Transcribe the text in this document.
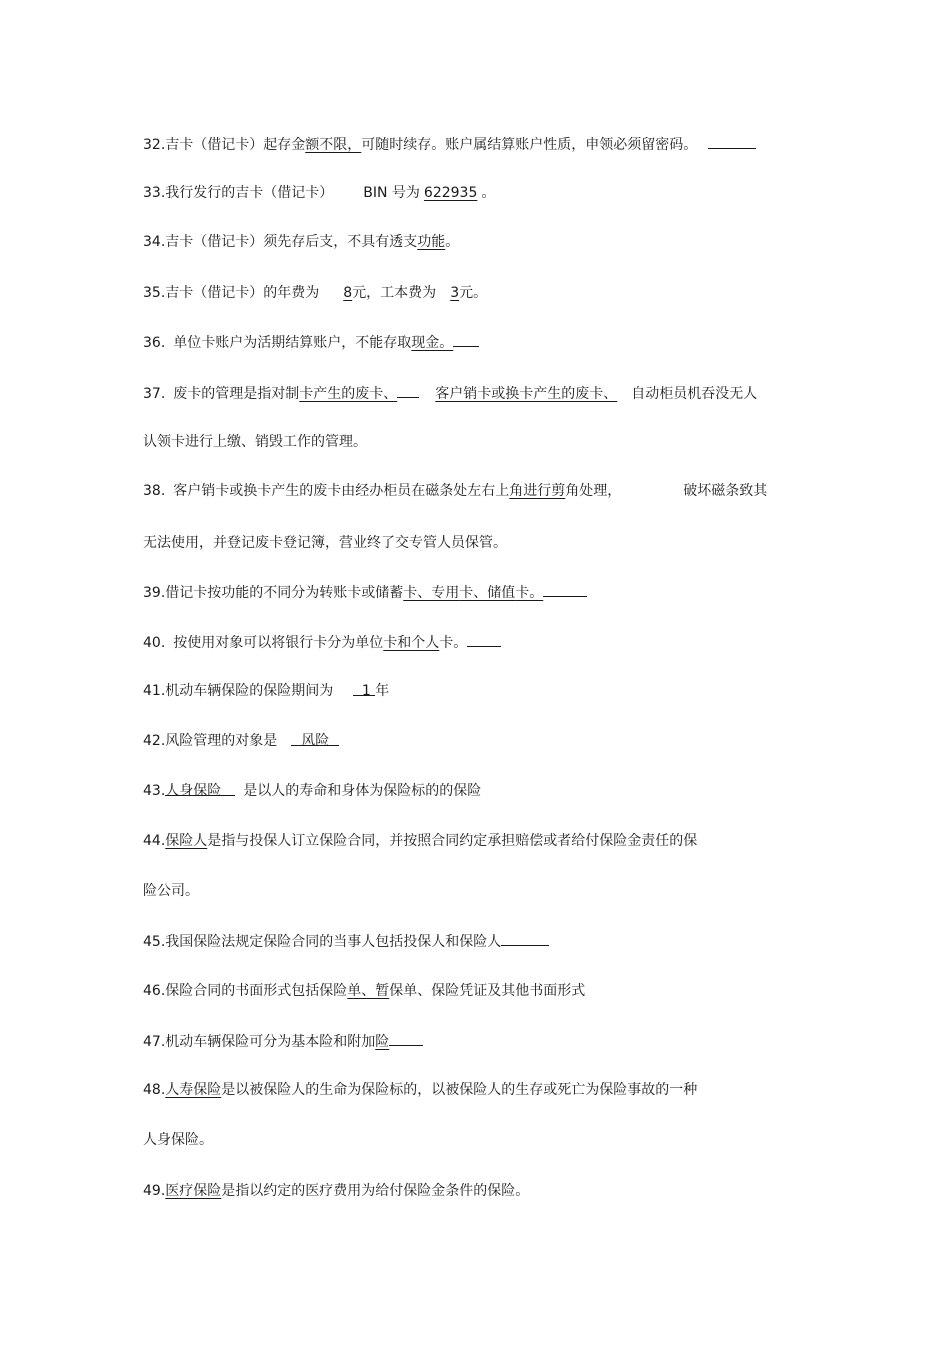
32.吉卡（借记卡）起存金额不限，可随时续存。账户属结算账户性质，申领必须留密码。
33.我行发行的吉卡（借记卡） BIN 号为 622935 。
34.吉卡（借记卡）须先存后支，不具有透支功能。
35.吉卡（借记卡）的年费为 8元，工本费为 3元。
36. 单位卡账户为活期结算账户，不能存取现金。
37. 废卡的管理是指对制卡产生的废卡、	客户销卡或换卡产生的废卡、 自动柜员机吞没无人
认领卡进行上缴、销毁工作的管理。
38. 客户销卡或换卡产生的废卡由经办柜员在磁条处左右上角进行剪角处理，	破坏磁条致其
无法使用，并登记废卡登记簿，营业终了交专管人员保管。
39.借记卡按功能的不同分为转账卡或储蓄卡、专用卡、储值卡。
40. 按使用对象可以将银行卡分为单位卡和个人卡。
41.机动车辆保险的保险期间为 1 年
42.风险管理的对象是 风险
43.人身保险 是以人的寿命和身体为保险标的的保险
44.保险人是指与投保人订立保险合同，并按照合同约定承担赔偿或者给付保险金责任的保
险公司。
45.我国保险法规定保险合同的当事人包括投保人和保险人
46.保险合同的书面形式包括保险单、暂保单、保险凭证及其他书面形式
47.机动车辆保险可分为基本险和附加险
48.人寿保险是以被保险人的生命为保险标的，以被保险人的生存或死亡为保险事故的一种
人身保险。
49.医疗保险是指以约定的医疗费用为给付保险金条件的保险。
